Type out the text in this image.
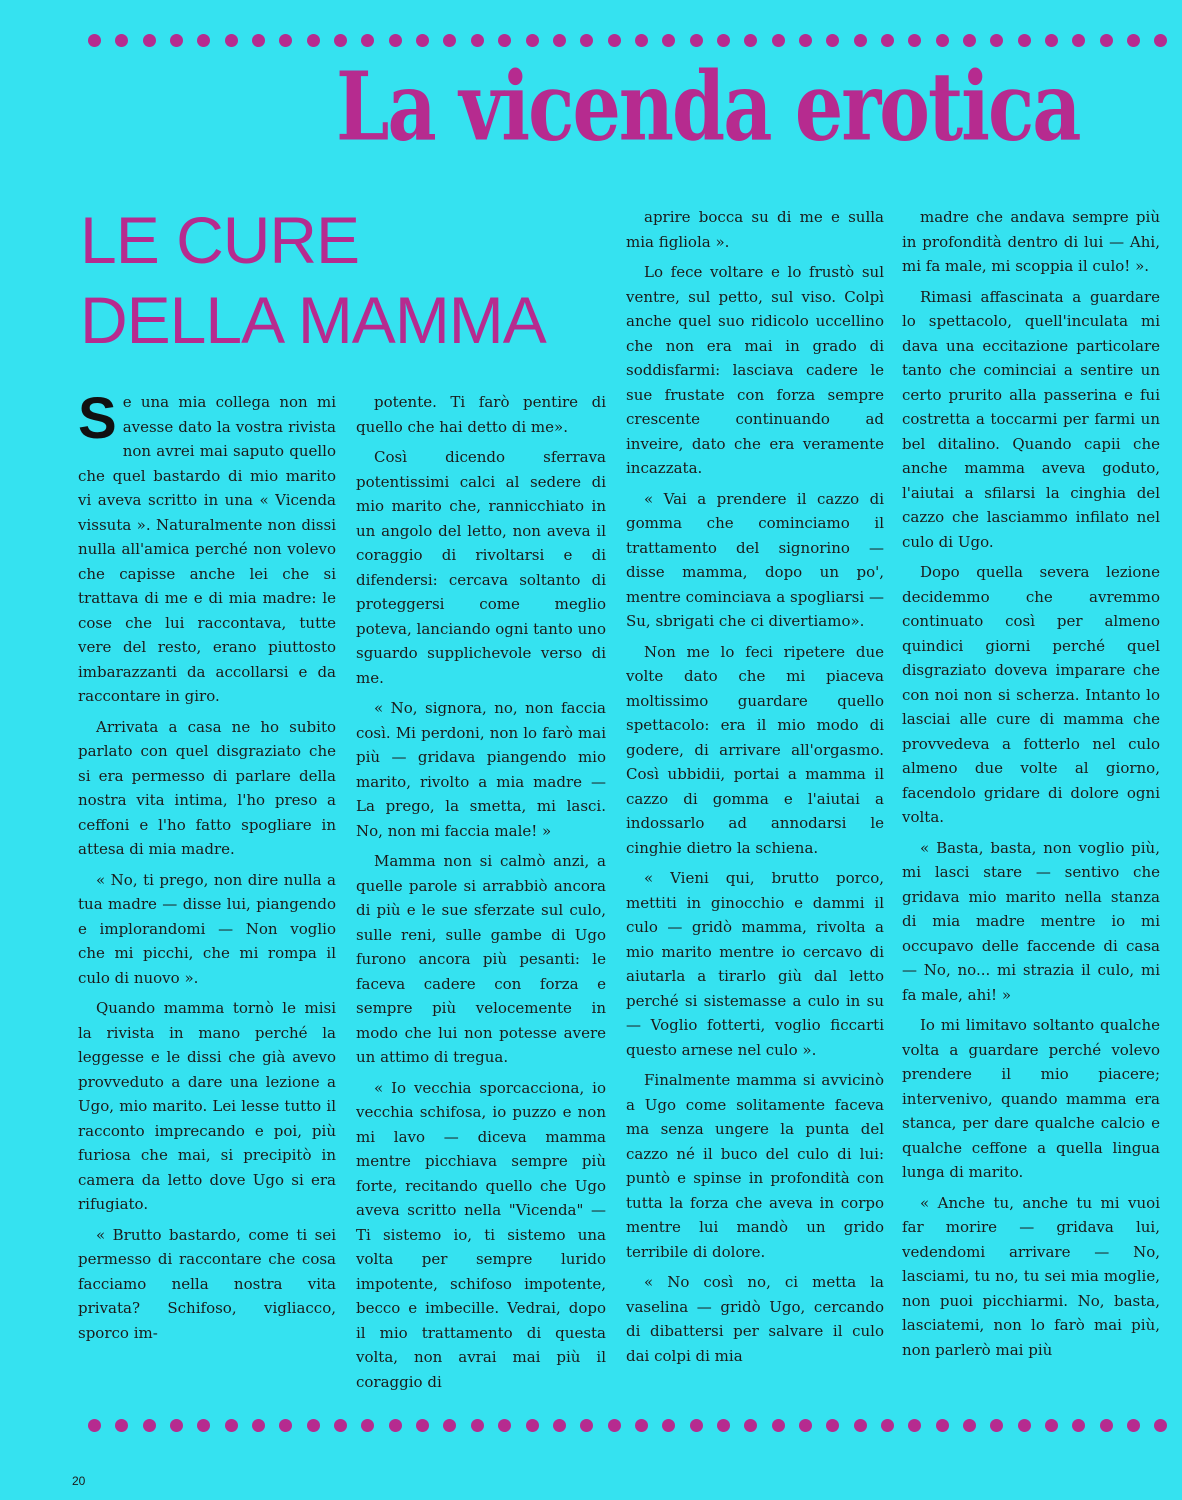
La vicenda erotica
LE CURE
DELLA MAMMA

Se una mia collega non mi avesse dato la vostra rivista non avrei mai saputo quello che quel bastardo di mio marito vi aveva scritto in una « Vicenda vissuta ». Naturalmente non dissi nulla all'amica perché non volevo che capisse anche lei che si trattava di me e di mia madre: le cose che lui raccontava, tutte vere del resto, erano piuttosto imbarazzanti da accollarsi e da raccontare in giro.

Arrivata a casa ne ho subito parlato con quel disgraziato che si era permesso di parlare della nostra vita intima, l'ho preso a ceffoni e l'ho fatto spogliare in attesa di mia madre.

« No, ti prego, non dire nulla a tua madre — disse lui, piangendo e implorandomi — Non voglio che mi picchi, che mi rompa il culo di nuovo ».

Quando mamma tornò le misi la rivista in mano perché la leggesse e le dissi che già avevo provveduto a dare una lezione a Ugo, mio marito. Lei lesse tutto il racconto imprecando e poi, più furiosa che mai, si precipitò in camera da letto dove Ugo si era rifugiato.

« Brutto bastardo, come ti sei permesso di raccontare che cosa facciamo nella nostra vita privata? Schifoso, vigliacco, sporco im-

potente. Ti farò pentire di quello che hai detto di me».

Così dicendo sferrava potentissimi calci al sedere di mio marito che, rannicchiato in un angolo del letto, non aveva il coraggio di rivoltarsi e di difendersi: cercava soltanto di proteggersi come meglio poteva, lanciando ogni tanto uno sguardo supplichevole verso di me.

« No, signora, no, non faccia così. Mi perdoni, non lo farò mai più — gridava piangendo mio marito, rivolto a mia madre — La prego, la smetta, mi lasci. No, non mi faccia male! »

Mamma non si calmò anzi, a quelle parole si arrabbiò ancora di più e le sue sferzate sul culo, sulle reni, sulle gambe di Ugo furono ancora più pesanti: le faceva cadere con forza e sempre più velocemente in modo che lui non potesse avere un attimo di tregua.

« Io vecchia sporcacciona, io vecchia schifosa, io puzzo e non mi lavo — diceva mamma mentre picchiava sempre più forte, recitando quello che Ugo aveva scritto nella "Vicenda" — Ti sistemo io, ti sistemo una volta per sempre lurido impotente, schifoso impotente, becco e imbecille. Vedrai, dopo il mio trattamento di questa volta, non avrai mai più il coraggio di

aprire bocca su di me e sulla mia figliola ».

Lo fece voltare e lo frustò sul ventre, sul petto, sul viso. Colpì anche quel suo ridicolo uccellino che non era mai in grado di soddisfarmi: lasciava cadere le sue frustate con forza sempre crescente continuando ad inveire, dato che era veramente incazzata.

« Vai a prendere il cazzo di gomma che cominciamo il trattamento del signorino — disse mamma, dopo un po', mentre cominciava a spogliarsi — Su, sbrigati che ci divertiamo».

Non me lo feci ripetere due volte dato che mi piaceva moltissimo guardare quello spettacolo: era il mio modo di godere, di arrivare all'orgasmo. Così ubbidii, portai a mamma il cazzo di gomma e l'aiutai a indossarlo ad annodarsi le cinghie dietro la schiena.

« Vieni qui, brutto porco, mettiti in ginocchio e dammi il culo — gridò mamma, rivolta a mio marito mentre io cercavo di aiutarla a tirarlo giù dal letto perché si sistemasse a culo in su — Voglio fotterti, voglio ficcarti questo arnese nel culo ».

Finalmente mamma si avvicinò a Ugo come solitamente faceva ma senza ungere la punta del cazzo né il buco del culo di lui: puntò e spinse in profondità con tutta la forza che aveva in corpo mentre lui mandò un grido terribile di dolore.

« No così no, ci metta la vaselina — gridò Ugo, cercando di dibattersi per salvare il culo dai colpi di mia

madre che andava sempre più in profondità dentro di lui — Ahi, mi fa male, mi scoppia il culo! ».

Rimasi affascinata a guardare lo spettacolo, quell'inculata mi dava una eccitazione particolare tanto che cominciai a sentire un certo prurito alla passerina e fui costretta a toccarmi per farmi un bel ditalino. Quando capii che anche mamma aveva goduto, l'aiutai a sfilarsi la cinghia del cazzo che lasciammo infilato nel culo di Ugo.

Dopo quella severa lezione decidemmo che avremmo continuato così per almeno quindici giorni perché quel disgraziato doveva imparare che con noi non si scherza. Intanto lo lasciai alle cure di mamma che provvedeva a fotterlo nel culo almeno due volte al giorno, facendolo gridare di dolore ogni volta.

« Basta, basta, non voglio più, mi lasci stare — sentivo che gridava mio marito nella stanza di mia madre mentre io mi occupavo delle faccende di casa — No, no... mi strazia il culo, mi fa male, ahi! »

Io mi limitavo soltanto qualche volta a guardare perché volevo prendere il mio piacere; intervenivo, quando mamma era stanca, per dare qualche calcio e qualche ceffone a quella lingua lunga di marito.

« Anche tu, anche tu mi vuoi far morire — gridava lui, vedendomi arrivare — No, lasciami, tu no, tu sei mia moglie, non puoi picchiarmi. No, basta, lasciatemi, non lo farò mai più, non parlerò mai più

20
